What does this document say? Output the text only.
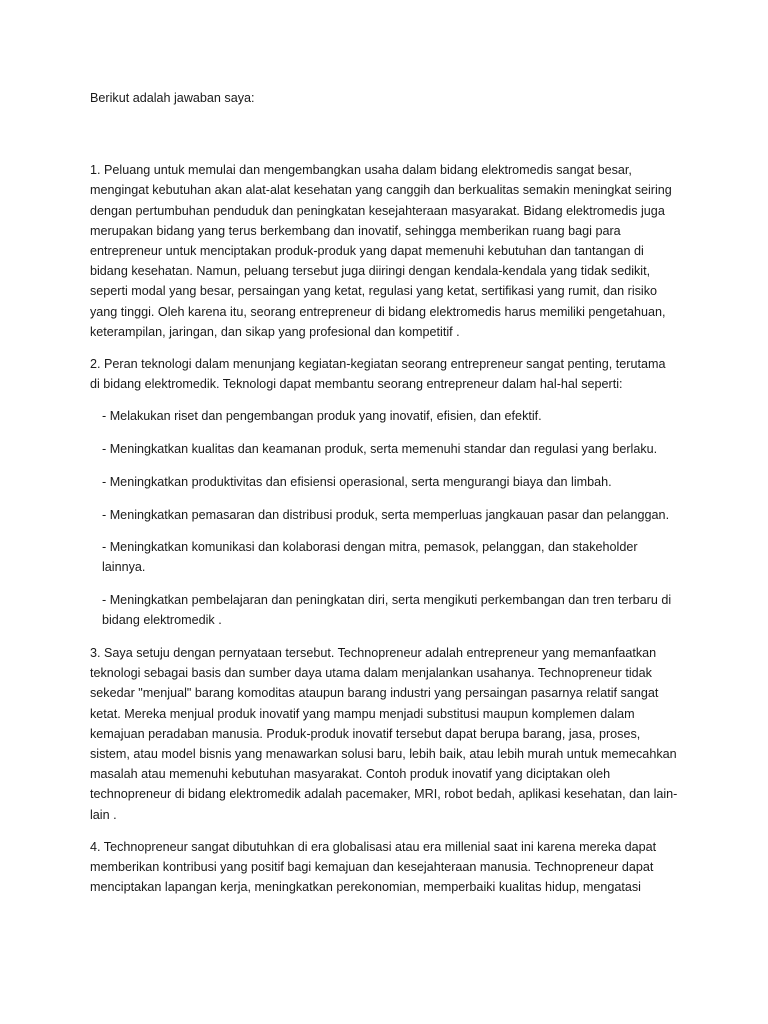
Berikut adalah jawaban saya:

1. Peluang untuk memulai dan mengembangkan usaha dalam bidang elektromedis sangat besar, mengingat kebutuhan akan alat-alat kesehatan yang canggih dan berkualitas semakin meningkat seiring dengan pertumbuhan penduduk dan peningkatan kesejahteraan masyarakat. Bidang elektromedis juga merupakan bidang yang terus berkembang dan inovatif, sehingga memberikan ruang bagi para entrepreneur untuk menciptakan produk-produk yang dapat memenuhi kebutuhan dan tantangan di bidang kesehatan. Namun, peluang tersebut juga diiringi dengan kendala-kendala yang tidak sedikit, seperti modal yang besar, persaingan yang ketat, regulasi yang ketat, sertifikasi yang rumit, dan risiko yang tinggi. Oleh karena itu, seorang entrepreneur di bidang elektromedis harus memiliki pengetahuan, keterampilan, jaringan, dan sikap yang profesional dan kompetitif .

2. Peran teknologi dalam menunjang kegiatan-kegiatan seorang entrepreneur sangat penting, terutama di bidang elektromedik. Teknologi dapat membantu seorang entrepreneur dalam hal-hal seperti:

- Melakukan riset dan pengembangan produk yang inovatif, efisien, dan efektif.

- Meningkatkan kualitas dan keamanan produk, serta memenuhi standar dan regulasi yang berlaku.

- Meningkatkan produktivitas dan efisiensi operasional, serta mengurangi biaya dan limbah.

- Meningkatkan pemasaran dan distribusi produk, serta memperluas jangkauan pasar dan pelanggan.

- Meningkatkan komunikasi dan kolaborasi dengan mitra, pemasok, pelanggan, dan stakeholder lainnya.

- Meningkatkan pembelajaran dan peningkatan diri, serta mengikuti perkembangan dan tren terbaru di bidang elektromedik .

3. Saya setuju dengan pernyataan tersebut. Technopreneur adalah entrepreneur yang memanfaatkan teknologi sebagai basis dan sumber daya utama dalam menjalankan usahanya. Technopreneur tidak sekedar "menjual" barang komoditas ataupun barang industri yang persaingan pasarnya relatif sangat ketat. Mereka menjual produk inovatif yang mampu menjadi substitusi maupun komplemen dalam kemajuan peradaban manusia. Produk-produk inovatif tersebut dapat berupa barang, jasa, proses, sistem, atau model bisnis yang menawarkan solusi baru, lebih baik, atau lebih murah untuk memecahkan masalah atau memenuhi kebutuhan masyarakat. Contoh produk inovatif yang diciptakan oleh technopreneur di bidang elektromedik adalah pacemaker, MRI, robot bedah, aplikasi kesehatan, dan lain-lain .

4. Technopreneur sangat dibutuhkan di era globalisasi atau era millenial saat ini karena mereka dapat memberikan kontribusi yang positif bagi kemajuan dan kesejahteraan manusia. Technopreneur dapat menciptakan lapangan kerja, meningkatkan perekonomian, memperbaiki kualitas hidup, mengatasi
